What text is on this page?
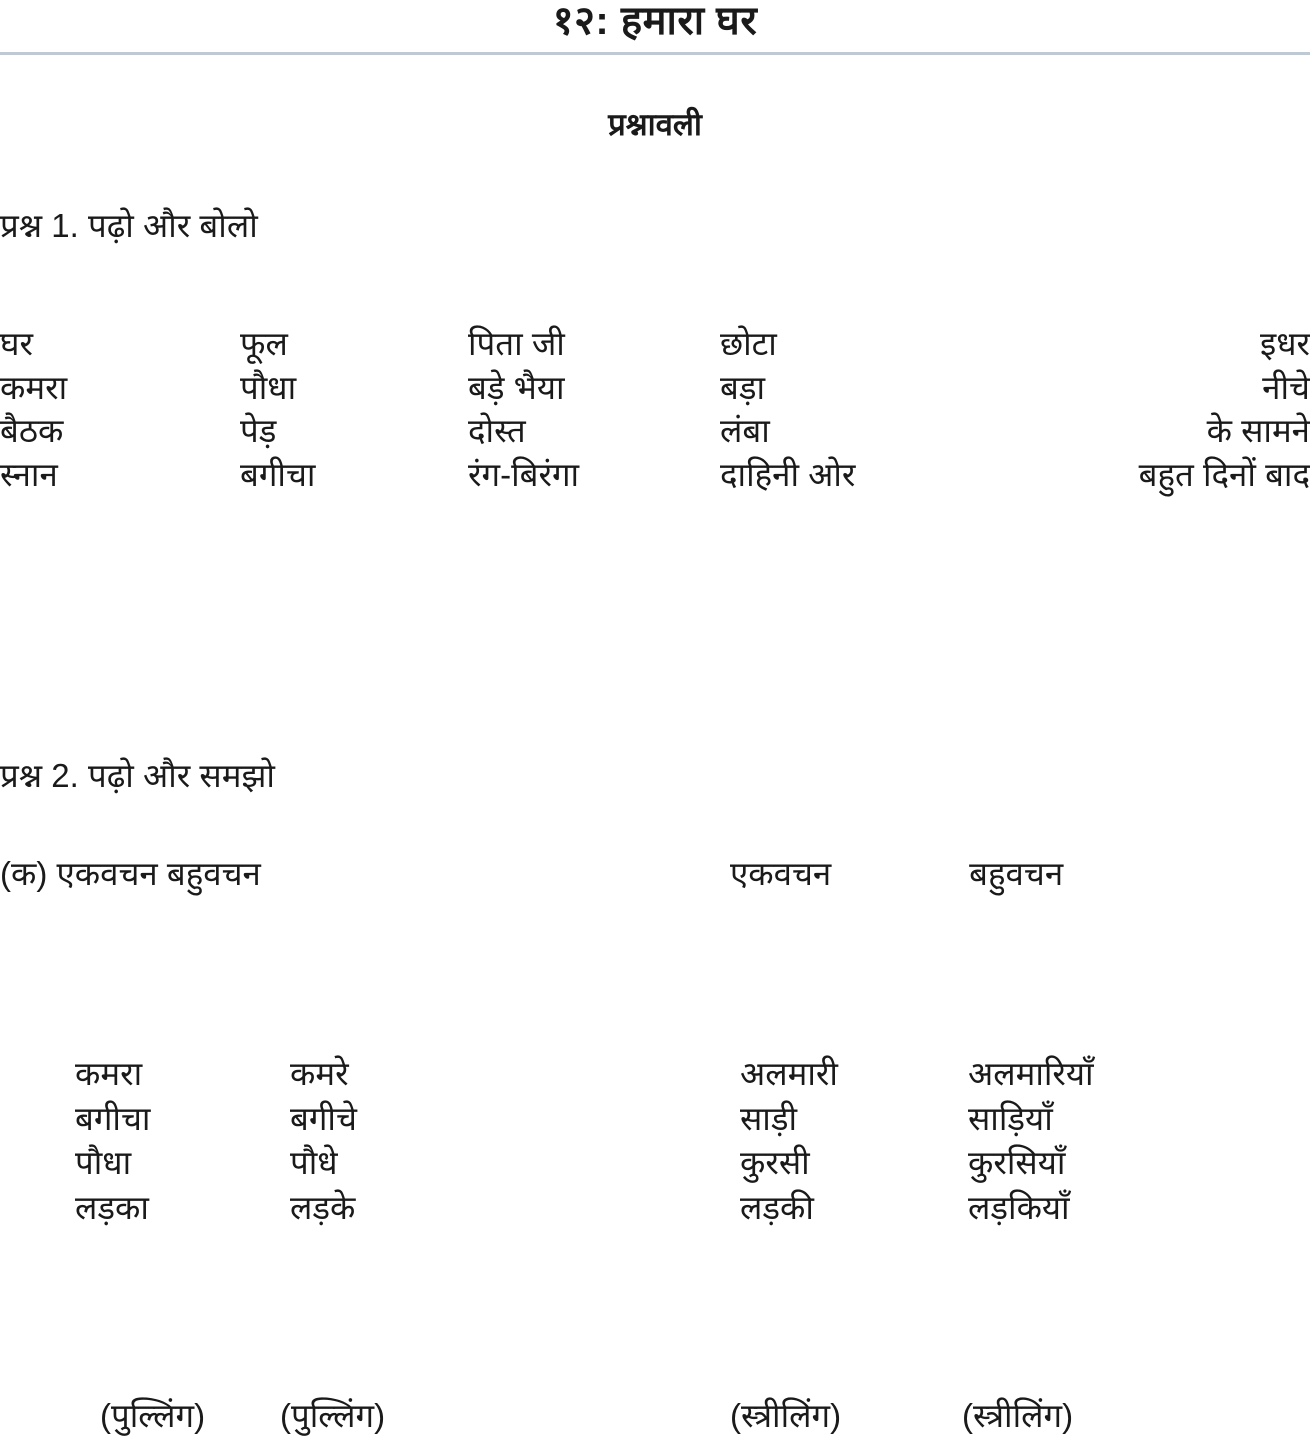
१२: हमारा घर
प्रश्नावली
प्रश्न 1. पढ़ो और बोलो
घर	फूल	पिता जी	छोटा	इधर
कमरा	पौधा	बड़े भैया	बड़ा	नीचे
बैठक	पेड़	दोस्त	लंबा	के सामने
स्नान	बगीचा	रंग-बिरंगा	दाहिनी ओर	बहुत दिनों बाद
प्रश्न 2. पढ़ो और समझो
(क) एकवचन बहुवचन	एकवचन	बहुवचन
कमरा	कमरे	अलमारी	अलमारियाँ
बगीचा	बगीचे	साड़ी	साड़ियाँ
पौधा	पौधे	कुरसी	कुरसियाँ
लड़का	लड़के	लड़की	लड़कियाँ
(पुल्लिंग)	(पुल्लिंग)	(स्त्रीलिंग)	(स्त्रीलिंग)
